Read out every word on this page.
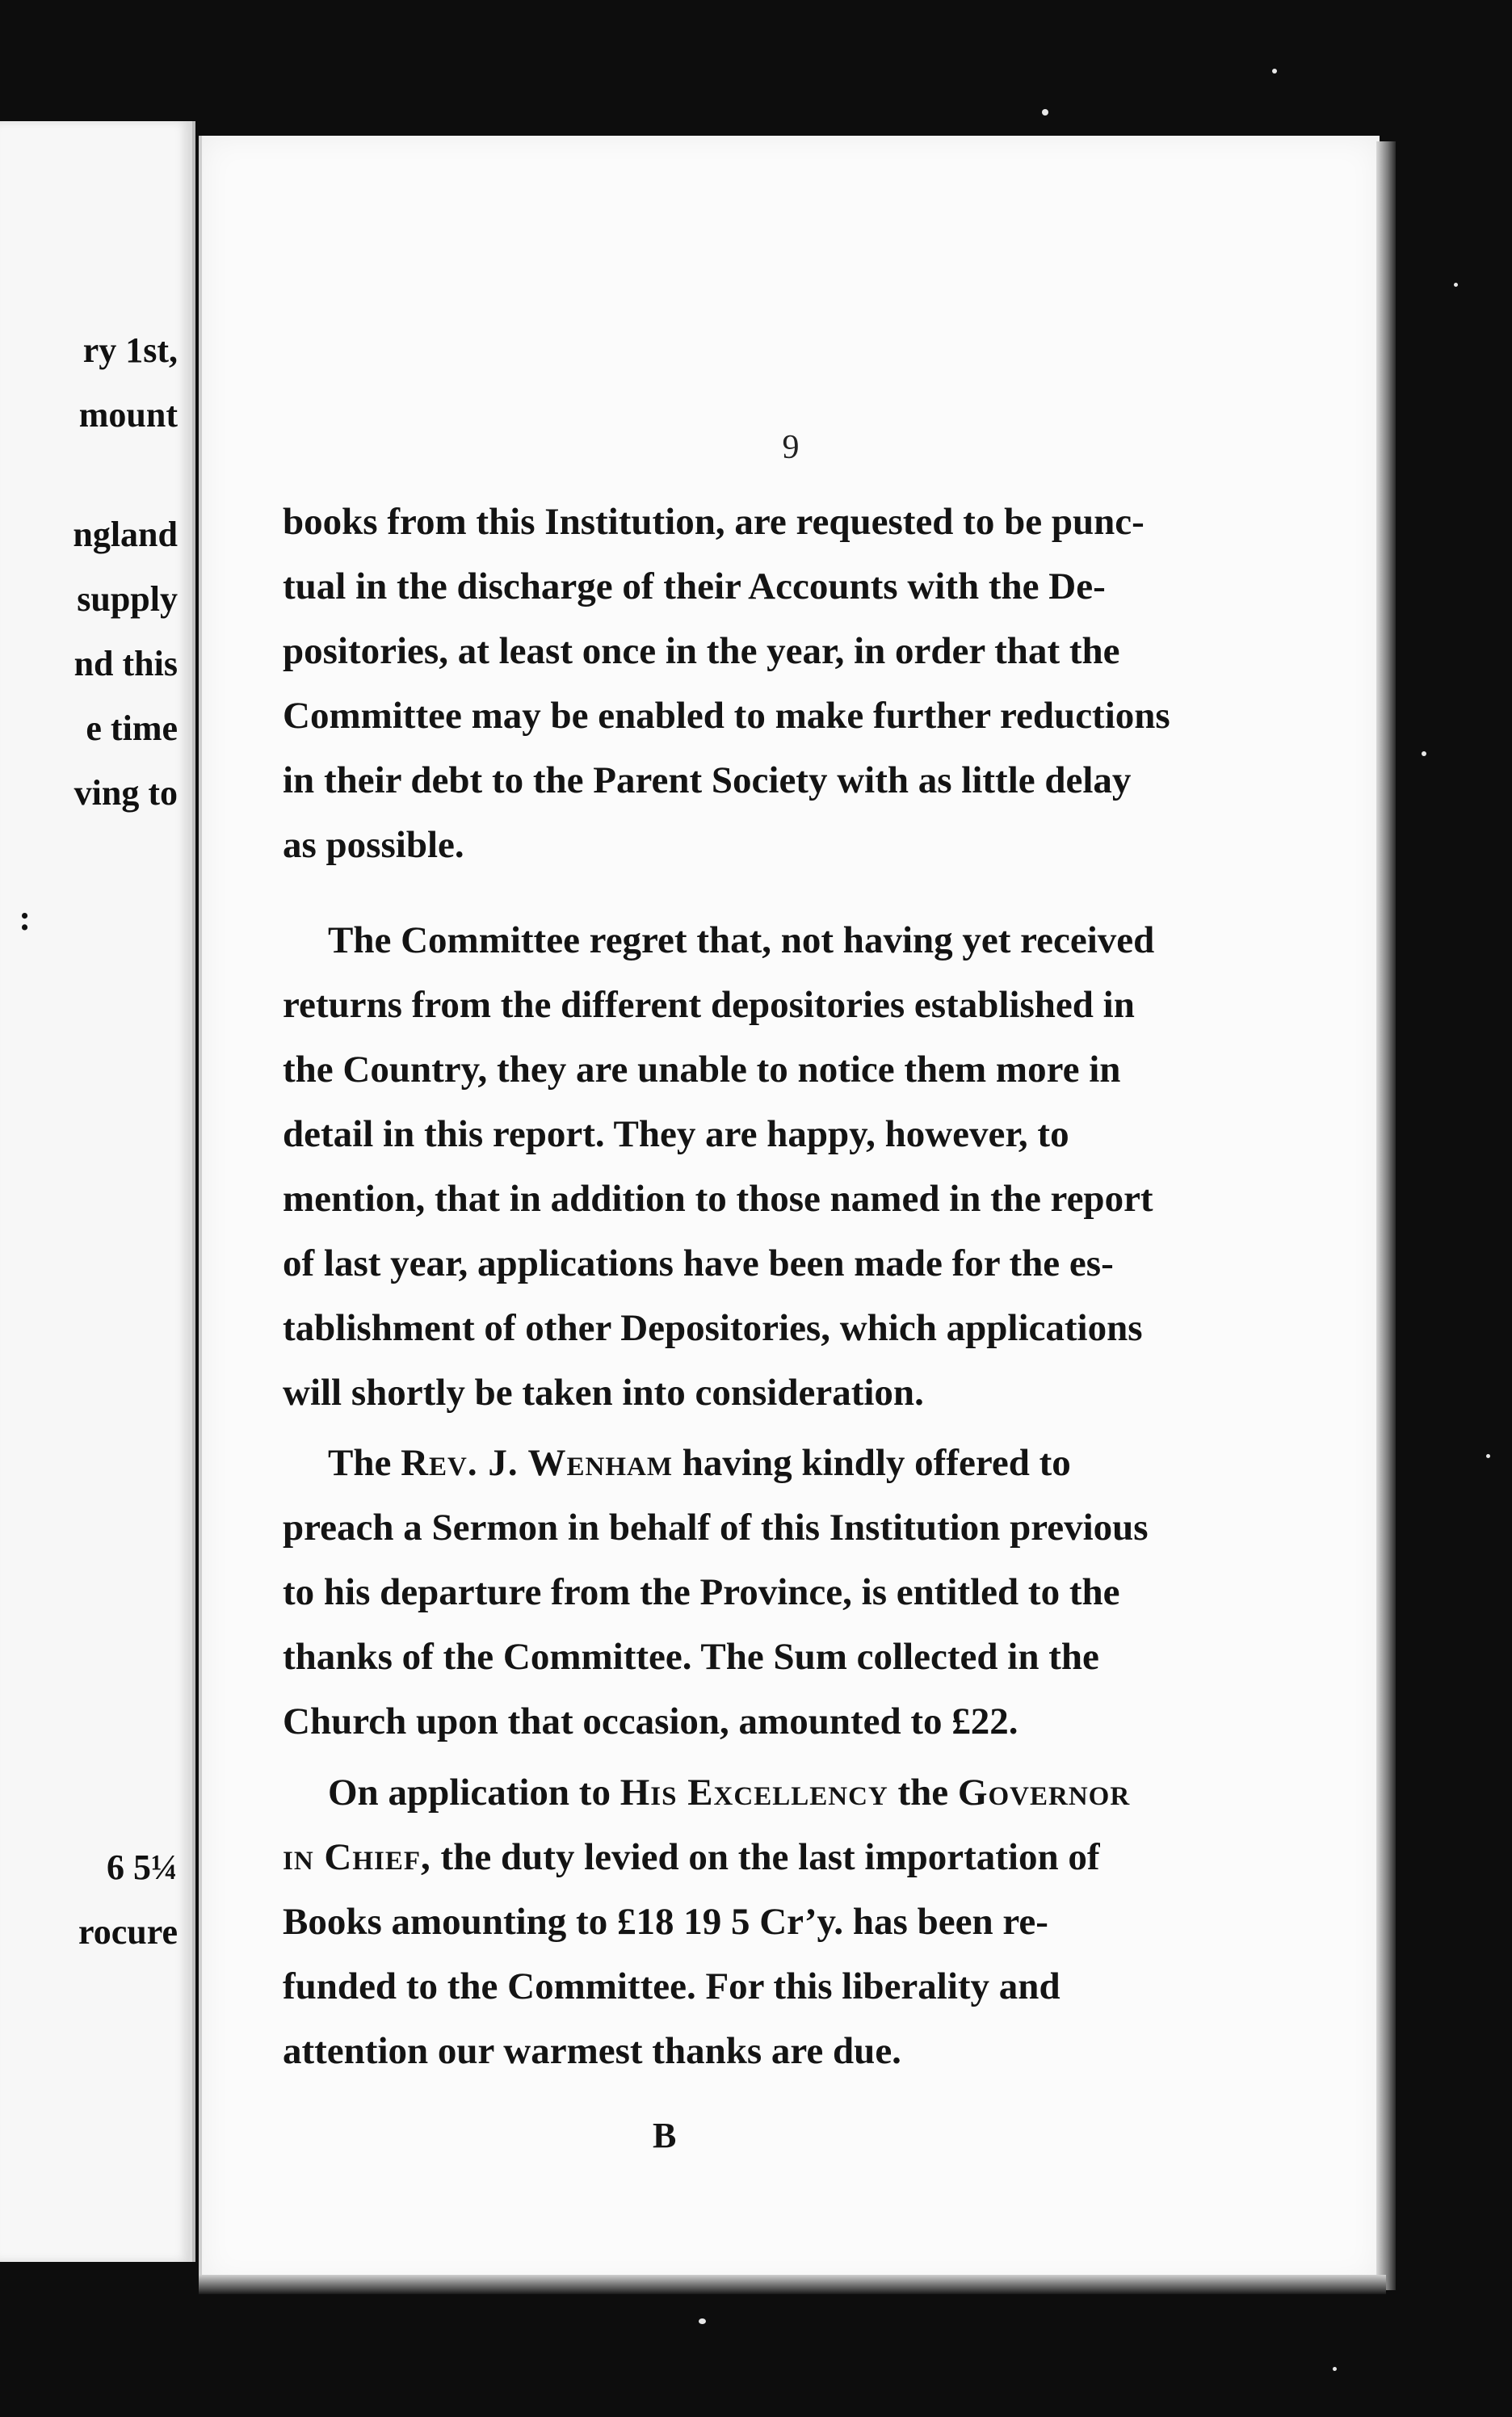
ry 1st,
mount
ngland
supply
nd this
e time
ving to
:
6 5¼
rocure
9
books from this Institution, are requested to be punc-
tual in the discharge of their Accounts with the De-
positories, at least once in the year, in order that the
Committee may be enabled to make further reductions
in their debt to the Parent Society with as little delay
as possible.
The Committee regret that, not having yet received
returns from the different depositories established in
the Country, they are unable to notice them more in
detail in this report. They are happy, however, to
mention, that in addition to those named in the report
of last year, applications have been made for the es-
tablishment of other Depositories, which applications
will shortly be taken into consideration.
The Rev. J. Wenham having kindly offered to
preach a Sermon in behalf of this Institution previous
to his departure from the Province, is entitled to the
thanks of the Committee. The Sum collected in the
Church upon that occasion, amounted to £22.
On application to His Excellency the Governor
in Chief, the duty levied on the last importation of
Books amounting to £18 19 5 Cr’y. has been re-
funded to the Committee. For this liberality and
attention our warmest thanks are due.
B
